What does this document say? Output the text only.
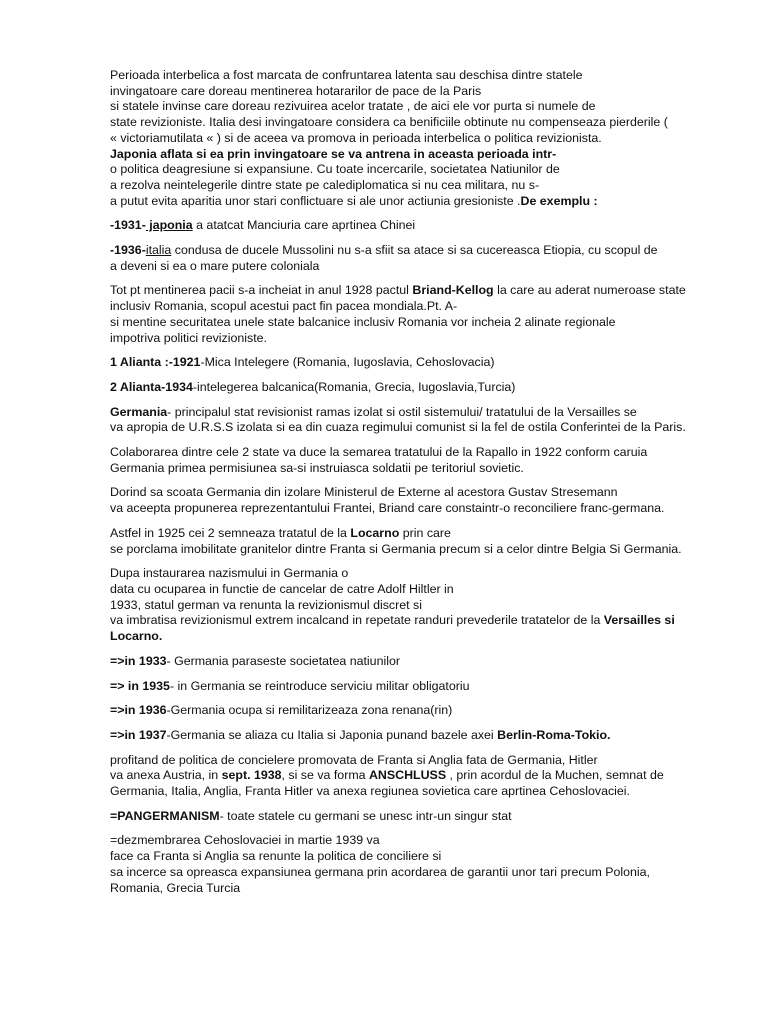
Perioada interbelica a fost marcata de confruntarea latenta sau deschisa dintre statele
invingatoare care doreau mentinerea hotararilor de pace de la Paris
si statele invinse care doreau rezivuirea acelor tratate , de aici ele vor purta si numele de
state revizioniste. Italia desi invingatoare considera ca benificiile obtinute nu compenseaza pierderile (
« victoriamutilata « ) si de aceea va promova in perioada interbelica o politica revizionista.
Japonia aflata si ea prin invingatoare se va antrena in aceasta perioada intr-
o politica deagresiune si expansiune. Cu toate incercarile, societatea Natiunilor de
a rezolva neintelegerile dintre state pe calediplomatica si nu cea militara, nu s-
a putut evita aparitia unor stari conflictuare si ale unor actiunia gresioniste .De exemplu :
-1931- japonia a atatcat Manciuria care aprtinea Chinei
-1936-italia condusa de ducele Mussolini nu s-a sfiit sa atace si sa cucereasca Etiopia, cu scopul de
a deveni si ea o mare putere coloniala
Tot pt mentinerea pacii s-a incheiat in anul 1928 pactul Briand-Kellog la care au aderat numeroase state
inclusiv Romania, scopul acestui pact fin pacea mondiala.Pt. A-
si mentine securitatea unele state balcanice inclusiv Romania vor incheia 2 alinate regionale
impotriva politici revizioniste.
1 Alianta :-1921-Mica Intelegere (Romania, Iugoslavia, Cehoslovacia)
2 Alianta-1934-intelegerea balcanica(Romania, Grecia, Iugoslavia,Turcia)
Germania- principalul stat revisionist ramas izolat si ostil sistemului/ tratatului de la Versailles se
va apropia de U.R.S.S izolata si ea din cuaza regimului comunist si la fel de ostila Conferintei de la Paris.
Colaborarea dintre cele 2 state va duce la semarea tratatului de la Rapallo in 1922 conform caruia
Germania primea permisiunea sa-si instruiasca soldatii pe teritoriul sovietic.
Dorind sa scoata Germania din izolare Ministerul de Externe al acestora Gustav Stresemann
va aceepta propunerea reprezentantului Frantei, Briand care constaintr-o reconciliere franc-germana.
Astfel in 1925 cei 2 semneaza tratatul de la Locarno prin care
se porclama imobilitate granitelor dintre Franta si Germania precum si a celor dintre Belgia Si Germania.
Dupa instaurarea nazismului in Germania o
data cu ocuparea in functie de cancelar de catre Adolf Hiltler in
1933, statul german va renunta la revizionismul discret si
va imbratisa revizionismul extrem incalcand in repetate randuri prevederile tratatelor de la Versailles si
Locarno.
=>in 1933- Germania paraseste societatea natiunilor
=> in 1935- in Germania se reintroduce serviciu militar obligatoriu
=>in 1936-Germania ocupa si remilitarizeaza zona renana(rin)
=>in 1937-Germania se aliaza cu Italia si Japonia punand bazele axei Berlin-Roma-Tokio.
profitand de politica de concielere promovata de Franta si Anglia fata de Germania, Hitler
va anexa Austria, in sept. 1938, si se va forma ANSCHLUSS , prin acordul de la Muchen, semnat de
Germania, Italia, Anglia, Franta Hitler va anexa regiunea sovietica care aprtinea Cehoslovaciei.
=PANGERMANISM- toate statele cu germani se unesc intr-un singur stat
=dezmembrarea Cehoslovaciei in martie 1939 va
face ca Franta si Anglia sa renunte la politica de conciliere si
sa incerce sa opreasca expansiunea germana prin acordarea de garantii unor tari precum Polonia,
Romania, Grecia Turcia
